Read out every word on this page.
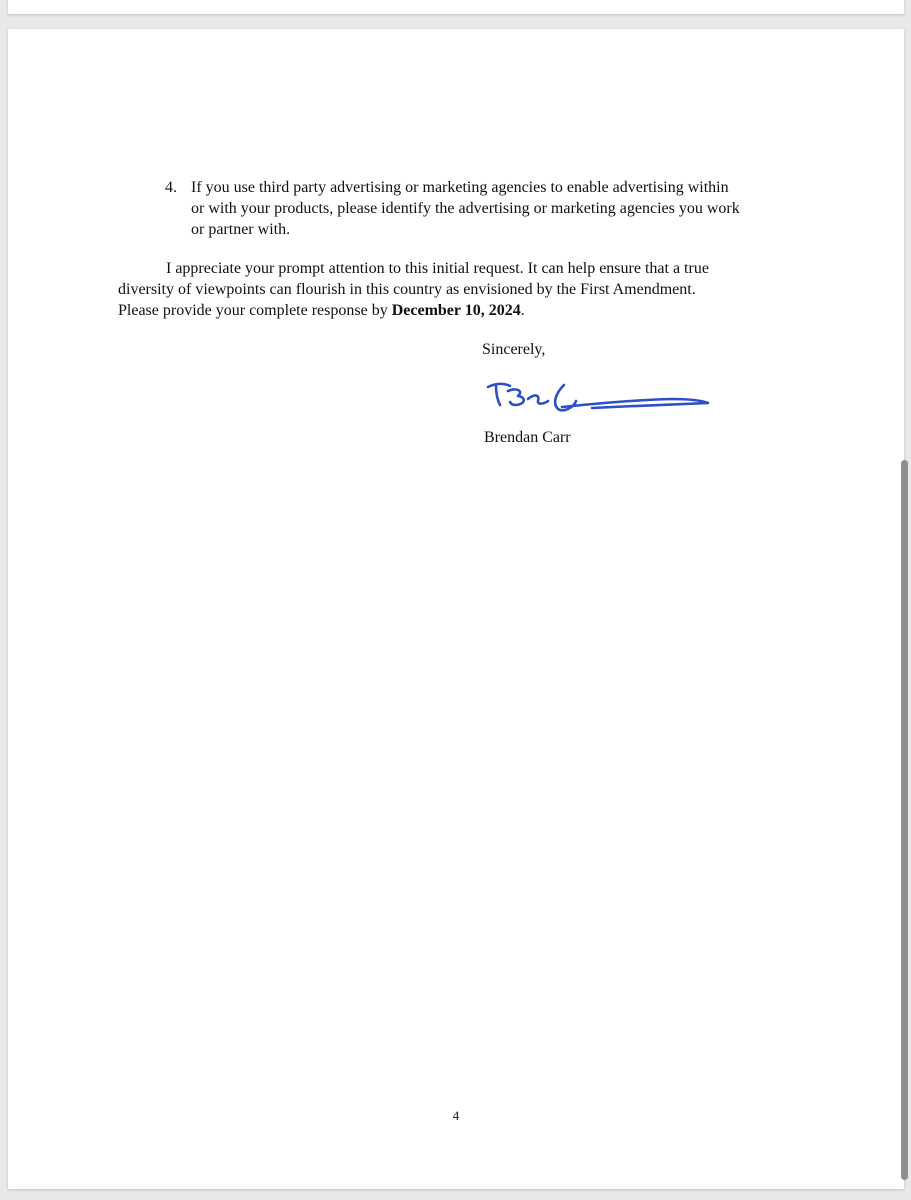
4. If you use third party advertising or marketing agencies to enable advertising within
or with your products, please identify the advertising or marketing agencies you work
or partner with.
I appreciate your prompt attention to this initial request. It can help ensure that a true
diversity of viewpoints can flourish in this country as envisioned by the First Amendment.
Please provide your complete response by December 10, 2024.
Sincerely,
Brendan Carr
4
